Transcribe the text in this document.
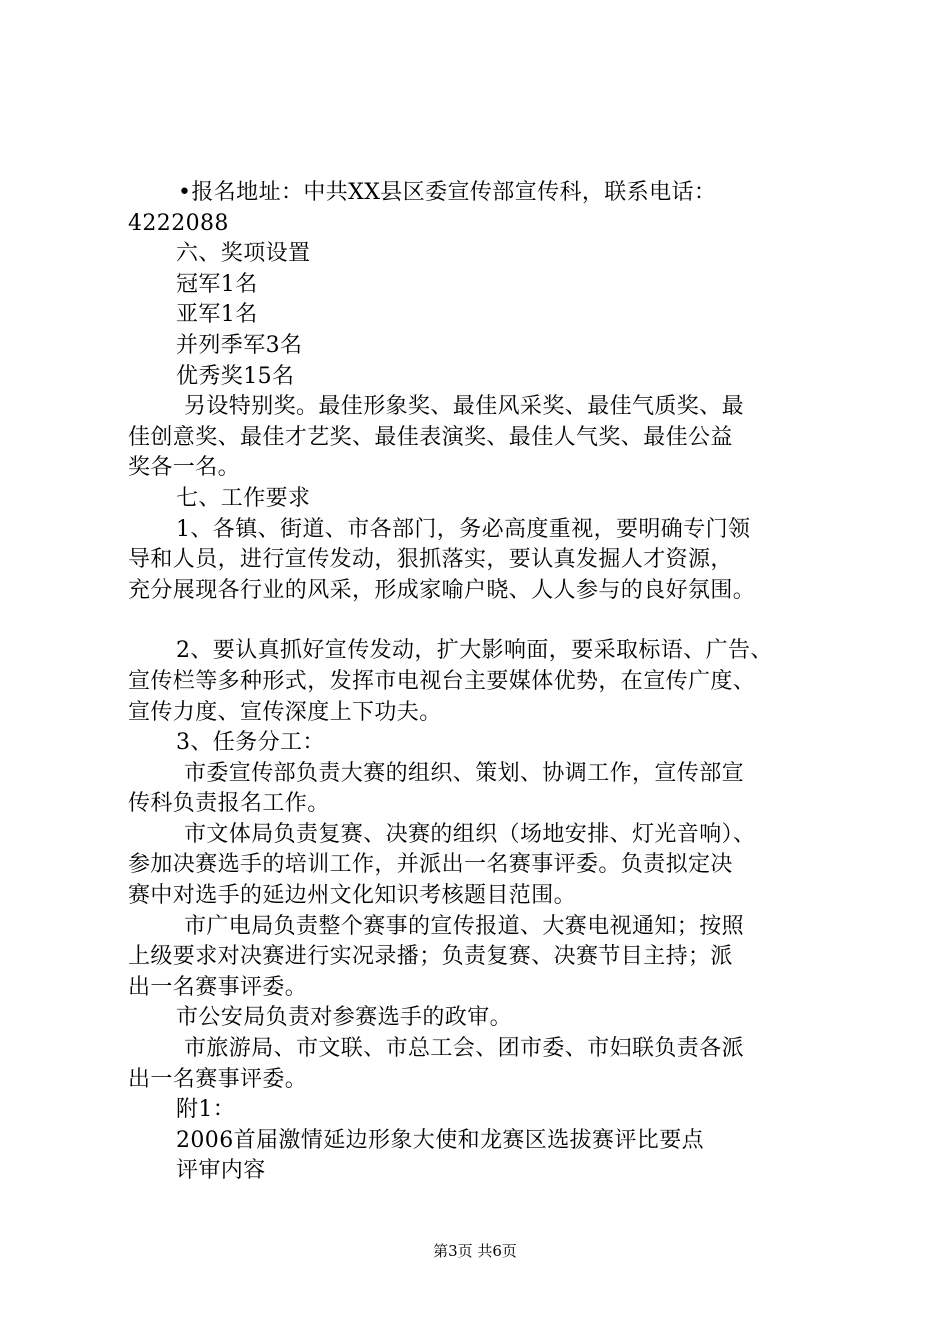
•报名地址：中共XX县区委宣传部宣传科，联系电话：
4222088
六、奖项设置
冠军1名
亚军1名
并列季军3名
优秀奖15名
另设特别奖。最佳形象奖、最佳风采奖、最佳气质奖、最
佳创意奖、最佳才艺奖、最佳表演奖、最佳人气奖、最佳公益
奖各一名。
七、工作要求
1、各镇、街道、市各部门，务必高度重视，要明确专门领
导和人员，进行宣传发动，狠抓落实，要认真发掘人才资源，
充分展现各行业的风采，形成家喻户晓、人人参与的良好氛围。
2、要认真抓好宣传发动，扩大影响面，要采取标语、广告、
宣传栏等多种形式，发挥市电视台主要媒体优势，在宣传广度、
宣传力度、宣传深度上下功夫。
3、任务分工：
市委宣传部负责大赛的组织、策划、协调工作，宣传部宣
传科负责报名工作。
市文体局负责复赛、决赛的组织（场地安排、灯光音响）、
参加决赛选手的培训工作，并派出一名赛事评委。负责拟定决
赛中对选手的延边州文化知识考核题目范围。
市广电局负责整个赛事的宣传报道、大赛电视通知；按照
上级要求对决赛进行实况录播；负责复赛、决赛节目主持；派
出一名赛事评委。
市公安局负责对参赛选手的政审。
市旅游局、市文联、市总工会、团市委、市妇联负责各派
出一名赛事评委。
附1：
2006首届激情延边形象大使和龙赛区选拔赛评比要点
评审内容
第3页 共6页
